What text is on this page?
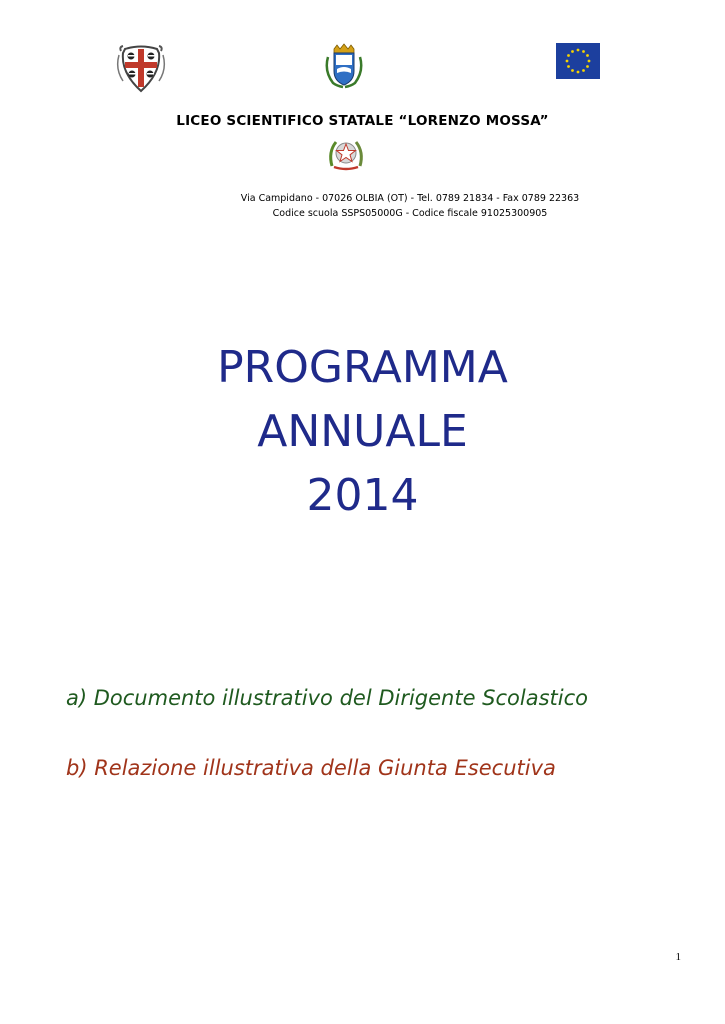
LICEO SCIENTIFICO STATALE “LORENZO MOSSA”
Via Campidano - 07026 OLBIA (OT) - Tel. 0789 21834 - Fax 0789 22363
Codice scuola SSPS05000G - Codice fiscale 91025300905
PROGRAMMA
ANNUALE
2014
a) Documento illustrativo del Dirigente Scolastico
b) Relazione illustrativa della Giunta Esecutiva
1
